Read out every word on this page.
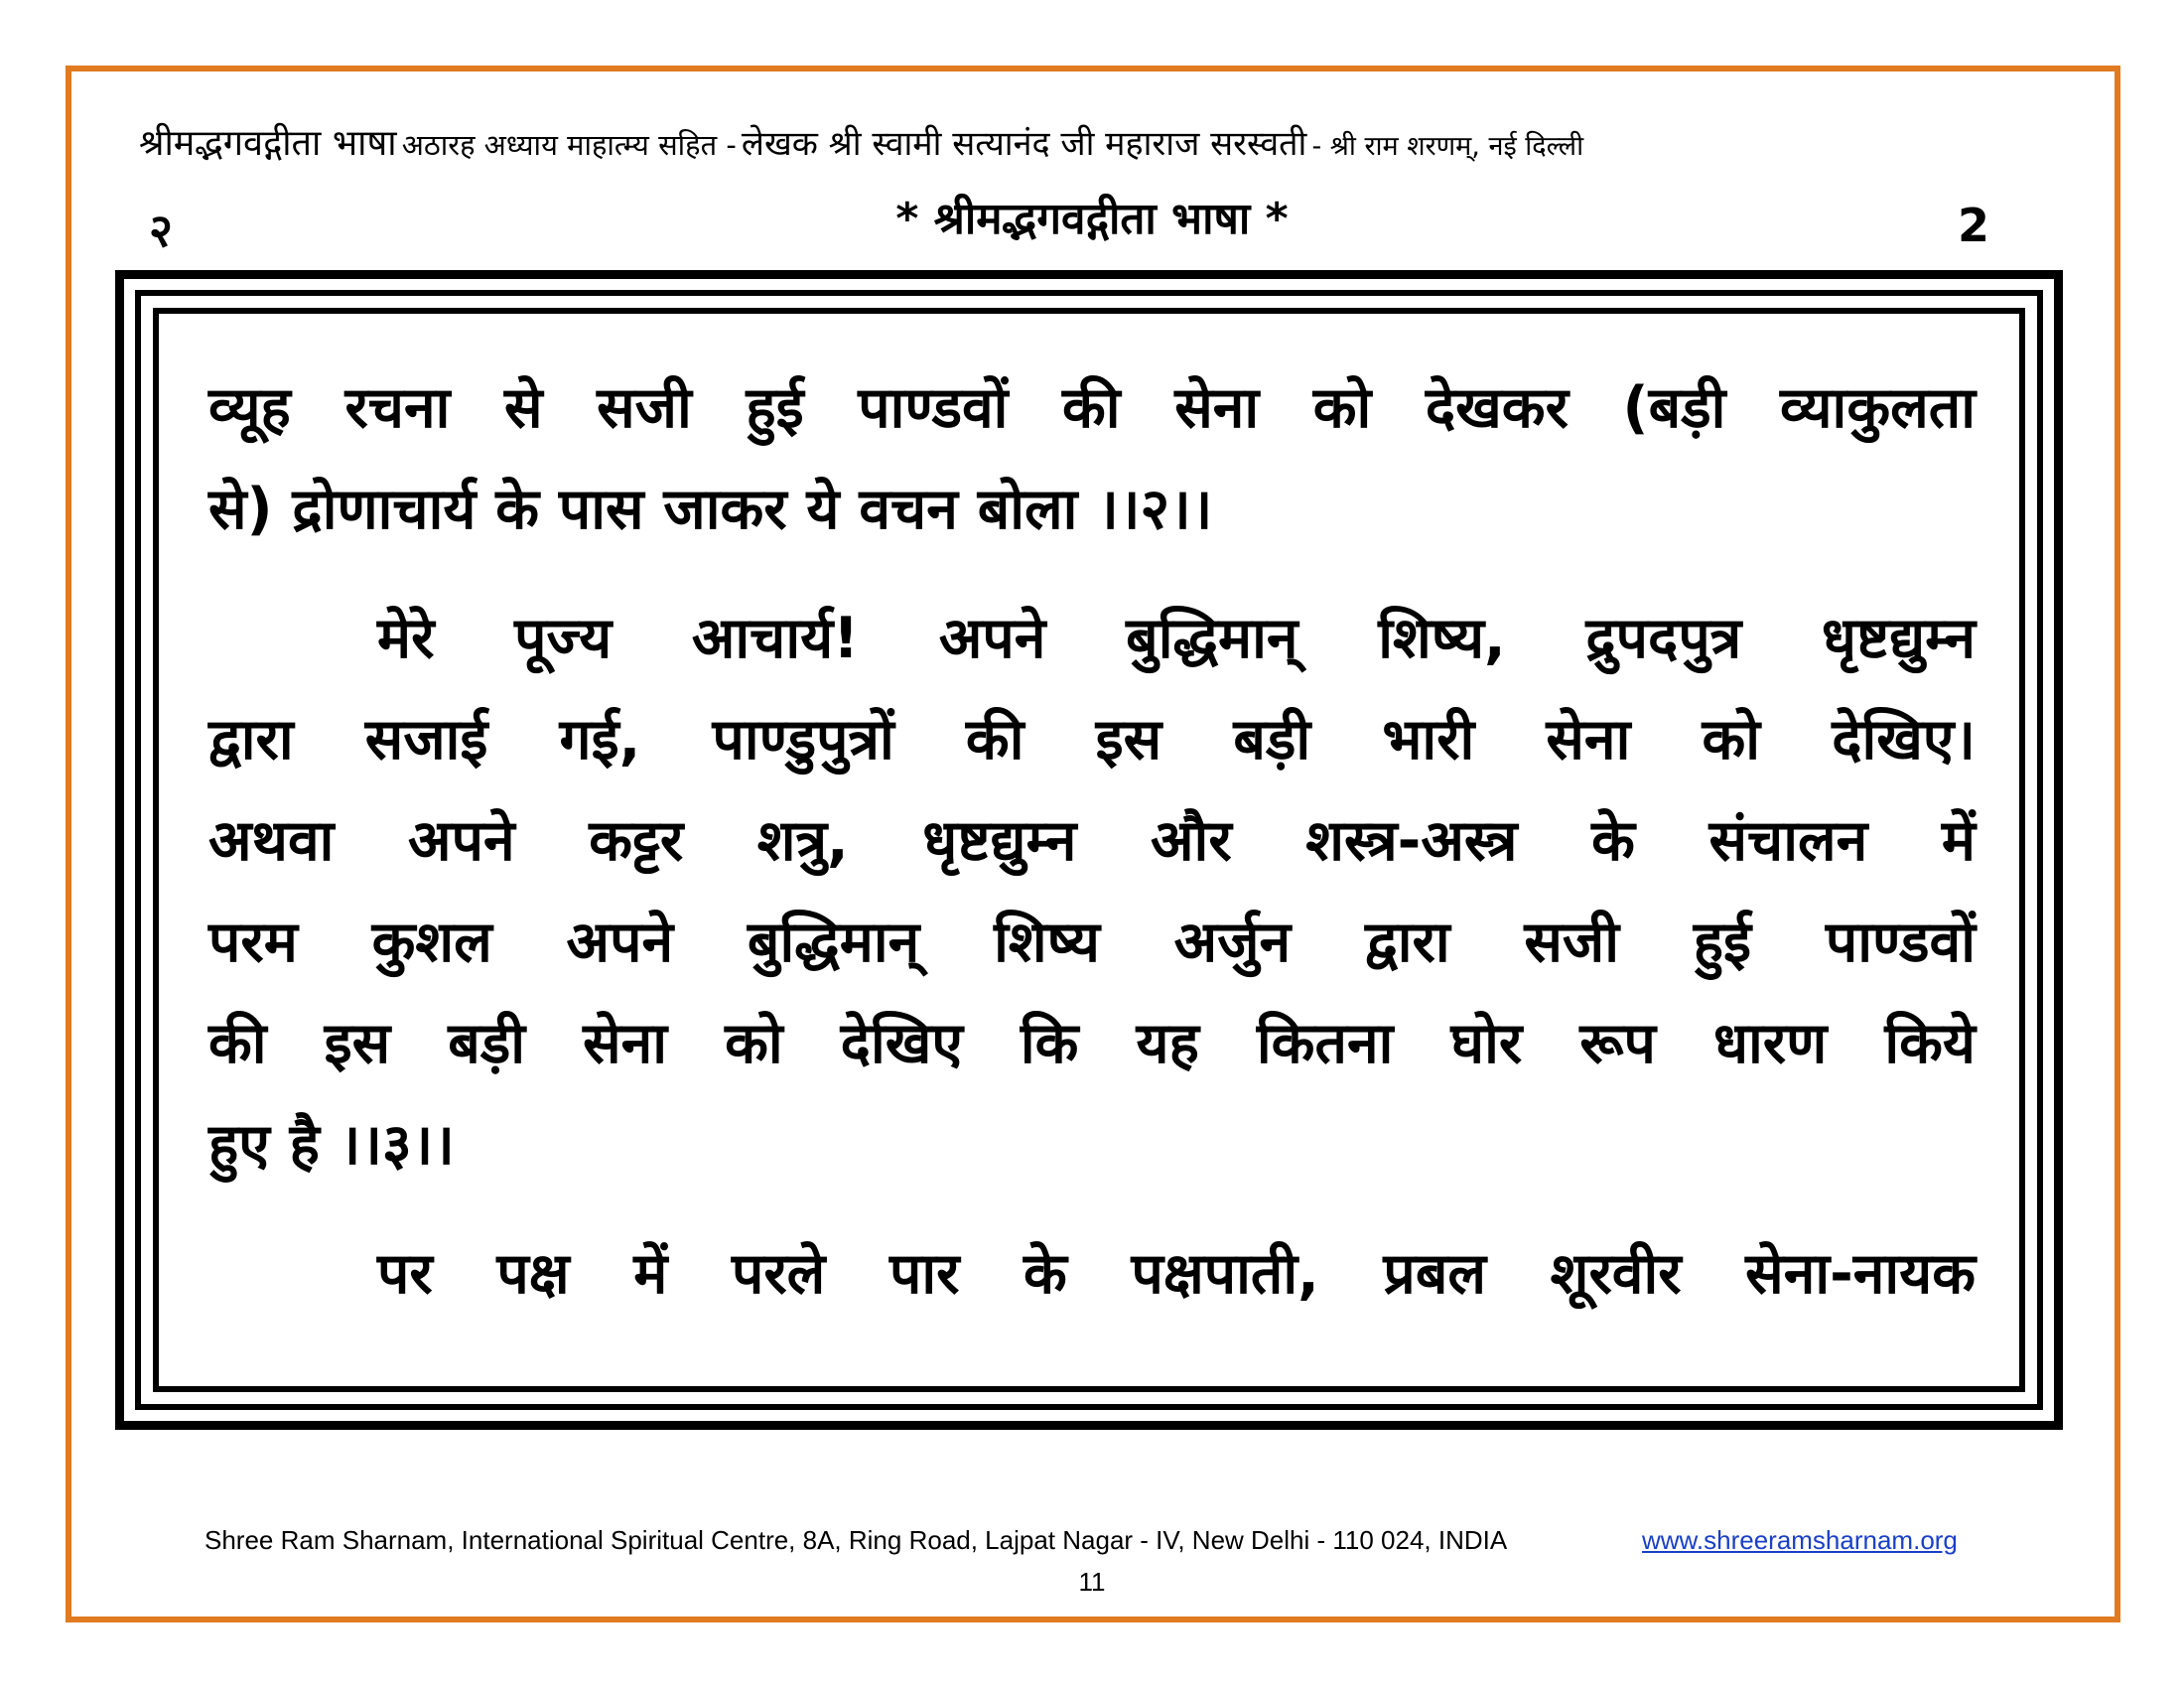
श्रीमद्भगवद्गीता भाषा अठारह अध्याय माहात्म्य सहित - लेखक श्री स्वामी सत्यानंद जी महाराज सरस्वती - श्री राम शरणम्, नई दिल्ली
२	* श्रीमद्भगवद्गीता भाषा *	2
व्यूह रचना से सजी हुई पाण्डवों की सेना को देखकर (बड़ी व्याकुलता
से) द्रोणाचार्य के पास जाकर ये वचन बोला ।।२।।
मेरे पूज्य आचार्य! अपने बुद्धिमान् शिष्य, द्रुपदपुत्र धृष्टद्युम्न
द्वारा सजाई गई, पाण्डुपुत्रों की इस बड़ी भारी सेना को देखिए।
अथवा अपने कट्टर शत्रु, धृष्टद्युम्न और शस्त्र-अस्त्र के संचालन में
परम कुशल अपने बुद्धिमान् शिष्य अर्जुन द्वारा सजी हुई पाण्डवों
की इस बड़ी सेना को देखिए कि यह कितना घोर रूप धारण किये
हुए है ।।३।।
पर पक्ष में परले पार के पक्षपाती, प्रबल शूरवीर सेना-नायक
Shree Ram Sharnam, International Spiritual Centre, 8A, Ring Road, Lajpat Nagar - IV, New Delhi - 110 024, INDIA	www.shreeramsharnam.org
11
